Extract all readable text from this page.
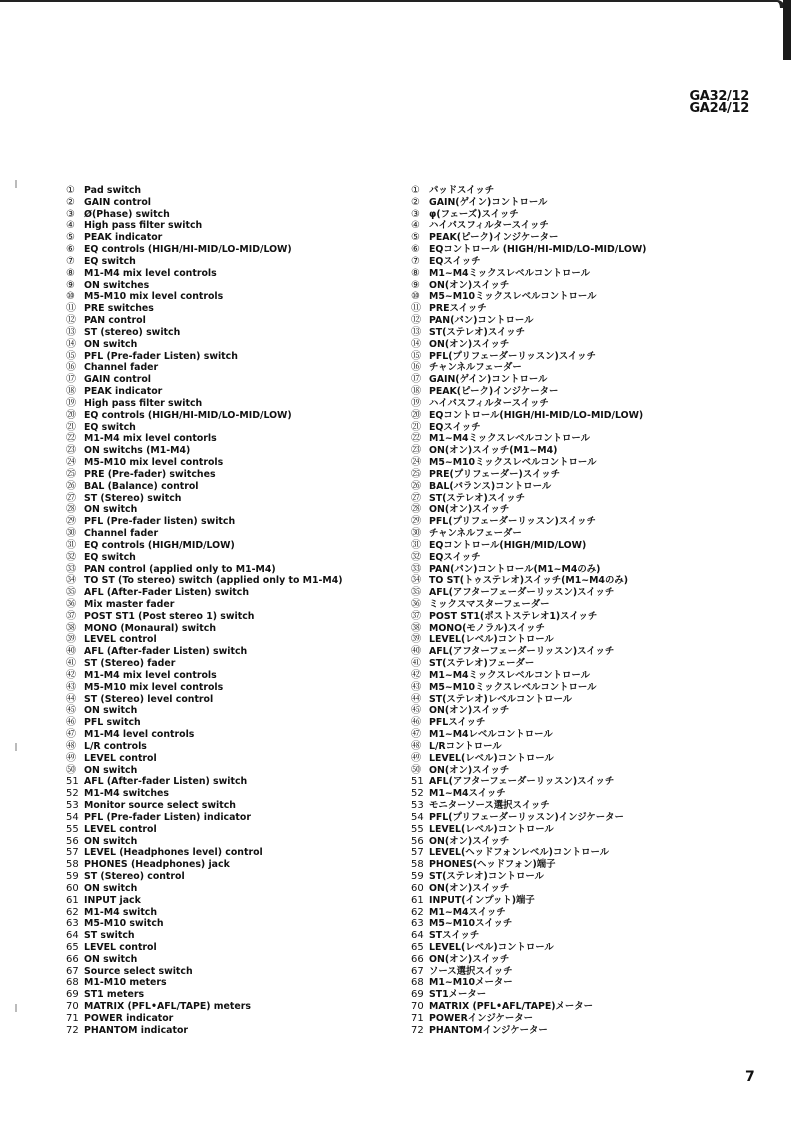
GA32/12
GA24/12
① Pad switch
② GAIN control
③ Ø(Phase) switch
④ High pass filter switch
⑤ PEAK indicator
⑥ EQ controls (HIGH/HI-MID/LO-MID/LOW)
⑦ EQ switch
⑧ M1-M4 mix level controls
⑨ ON switches
⑩ M5-M10 mix level controls
⑪ PRE switches
⑫ PAN control
⑬ ST (stereo) switch
⑭ ON switch
⑮ PFL (Pre-fader Listen) switch
⑯ Channel fader
⑰ GAIN control
⑱ PEAK indicator
⑲ High pass filter switch
⑳ EQ controls (HIGH/HI-MID/LO-MID/LOW)
㉑ EQ switch
㉒ M1-M4 mix level contorls
㉓ ON switchs (M1-M4)
㉔ M5-M10 mix level controls
㉕ PRE (Pre-fader) switches
㉖ BAL (Balance) control
㉗ ST (Stereo) switch
㉘ ON switch
㉙ PFL (Pre-fader listen) switch
㉚ Channel fader
㉛ EQ controls (HIGH/MID/LOW)
㉜ EQ switch
㉝ PAN control (applied only to M1-M4)
㉞ TO ST (To stereo) switch (applied only to M1-M4)
㉟ AFL (After-Fader Listen) switch
㊱ Mix master fader
㊲ POST ST1 (Post stereo 1) switch
㊳ MONO (Monaural) switch
㊴ LEVEL control
㊵ AFL (After-fader Listen) switch
㊶ ST (Stereo) fader
㊷ M1-M4 mix level controls
㊸ M5-M10 mix level controls
㊹ ST (Stereo) level control
㊺ ON switch
㊻ PFL switch
㊼ M1-M4 level controls
㊽ L/R controls
㊾ LEVEL control
㊿ ON switch
51 AFL (After-fader Listen) switch
52 M1-M4 switches
53 Monitor source select switch
54 PFL (Pre-fader Listen) indicator
55 LEVEL control
56 ON switch
57 LEVEL (Headphones level) control
58 PHONES (Headphones) jack
59 ST (Stereo) control
60 ON switch
61 INPUT jack
62 M1-M4 switch
63 M5-M10 switch
64 ST switch
65 LEVEL control
66 ON switch
67 Source select switch
68 M1-M10 meters
69 ST1 meters
70 MATRIX (PFL•AFL/TAPE) meters
71 POWER indicator
72 PHANTOM indicator
① パッドスイッチ
② GAIN(ゲイン)コントロール
③ φ(フェーズ)スイッチ
④ ハイパスフィルタースイッチ
⑤ PEAK(ピーク)インジケーター
⑥ EQコントロール (HIGH/HI-MID/LO-MID/LOW)
⑦ EQスイッチ
⑧ M1~M4ミックスレベルコントロール
⑨ ON(オン)スイッチ
⑩ M5~M10ミックスレベルコントロール
⑪ PREスイッチ
⑫ PAN(パン)コントロール
⑬ ST(ステレオ)スイッチ
⑭ ON(オン)スイッチ
⑮ PFL(プリフェーダーリッスン)スイッチ
⑯ チャンネルフェーダー
⑰ GAIN(ゲイン)コントロール
⑱ PEAK(ピーク)インジケーター
⑲ ハイパスフィルタースイッチ
⑳ EQコントロール(HIGH/HI-MID/LO-MID/LOW)
㉑ EQスイッチ
㉒ M1~M4ミックスレベルコントロール
㉓ ON(オン)スイッチ(M1~M4)
㉔ M5~M10ミックスレベルコントロール
㉕ PRE(プリフェーダー)スイッチ
㉖ BAL(バランス)コントロール
㉗ ST(ステレオ)スイッチ
㉘ ON(オン)スイッチ
㉙ PFL(プリフェーダーリッスン)スイッチ
㉚ チャンネルフェーダー
㉛ EQコントロール(HIGH/MID/LOW)
㉜ EQスイッチ
㉝ PAN(パン)コントロール(M1~M4のみ)
㉞ TO ST(トゥステレオ)スイッチ(M1~M4のみ)
㉟ AFL(アフターフェーダーリッスン)スイッチ
㊱ ミックスマスターフェーダー
㊲ POST ST1(ポストステレオ1)スイッチ
㊳ MONO(モノラル)スイッチ
㊴ LEVEL(レベル)コントロール
㊵ AFL(アフターフェーダーリッスン)スイッチ
㊶ ST(ステレオ)フェーダー
㊷ M1~M4ミックスレベルコントロール
㊸ M5~M10ミックスレベルコントロール
㊹ ST(ステレオ)レベルコントロール
㊺ ON(オン)スイッチ
㊻ PFLスイッチ
㊼ M1~M4レベルコントロール
㊽ L/Rコントロール
㊾ LEVEL(レベル)コントロール
㊿ ON(オン)スイッチ
51 AFL(アフターフェーダーリッスン)スイッチ
52 M1~M4スイッチ
53 モニターソース選択スイッチ
54 PFL(プリフェーダーリッスン)インジケーター
55 LEVEL(レベル)コントロール
56 ON(オン)スイッチ
57 LEVEL(ヘッドフォンレベル)コントロール
58 PHONES(ヘッドフォン)端子
59 ST(ステレオ)コントロール
60 ON(オン)スイッチ
61 INPUT(インプット)端子
62 M1~M4スイッチ
63 M5~M10スイッチ
64 STスイッチ
65 LEVEL(レベル)コントロール
66 ON(オン)スイッチ
67 ソース選択スイッチ
68 M1~M10メーター
69 ST1メーター
70 MATRIX (PFL•AFL/TAPE)メーター
71 POWERインジケーター
72 PHANTOMインジケーター
7
